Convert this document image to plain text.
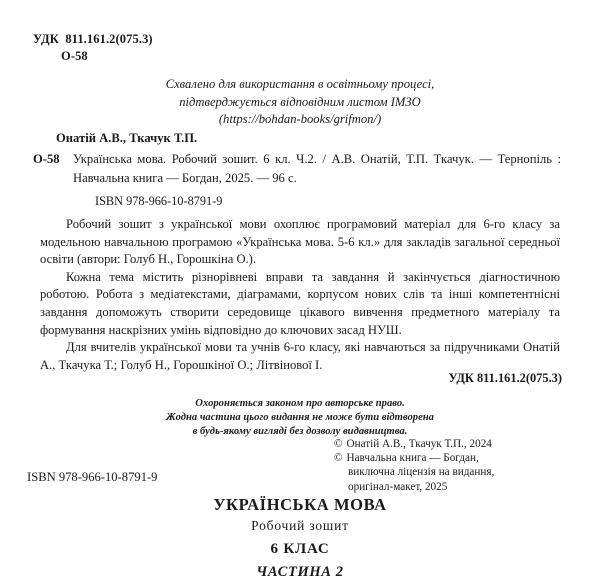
УДК  811.161.2(075.3)
О-58
Схвалено для використання в освітньому процесі,
підтверджується відповідним листом ІМЗО
(https://bohdan-books/grifmon/)
Онатій А.В., Ткачук Т.П.
О-58	Українська мова. Робочий зошит. 6 кл. Ч.2. / А.В. Онатій, Т.П. Ткачук. — Тернопіль : Навчальна книга — Богдан, 2025. — 96 с.
ISBN 978-966-10-8791-9

Робочий зошит з української мови охоплює програмовий матеріал для 6-го класу за модельною навчальною програмою «Українська мова. 5-6 кл.» для закладів загальної середньої освіти (автори: Голуб Н., Горошкіна О.).

Кожна тема містить різнорівневі вправи та завдання й закінчується діагностичною роботою. Робота з медіатекстами, діаграмами, корпусом нових слів та інші компетентнісні завдання допоможуть створити середовище цікавого вивчення предметного матеріалу та формування наскрізних умінь відповідно до ключових засад НУШ.

Для вчителів української мови та учнів 6-го класу, які навчаються за підручниками Онатій А., Ткачука Т.; Голуб Н., Горошкіної О.; Літвінової І.

УДК 811.161.2(075.3)
Охороняється законом про авторське право.
Жодна частина цього видання не може бути відтворена
в будь-якому вигляді без дозволу видавництва.
© Онатій А.В., Ткачук Т.П., 2024
© Навчальна книга — Богдан,
виключна ліцензія на видання,
оригінал-макет, 2025
ISBN 978-966-10-8791-9
УКРАЇНСЬКА МОВА
Робочий зошит
6 КЛАС
ЧАСТИНА 2
